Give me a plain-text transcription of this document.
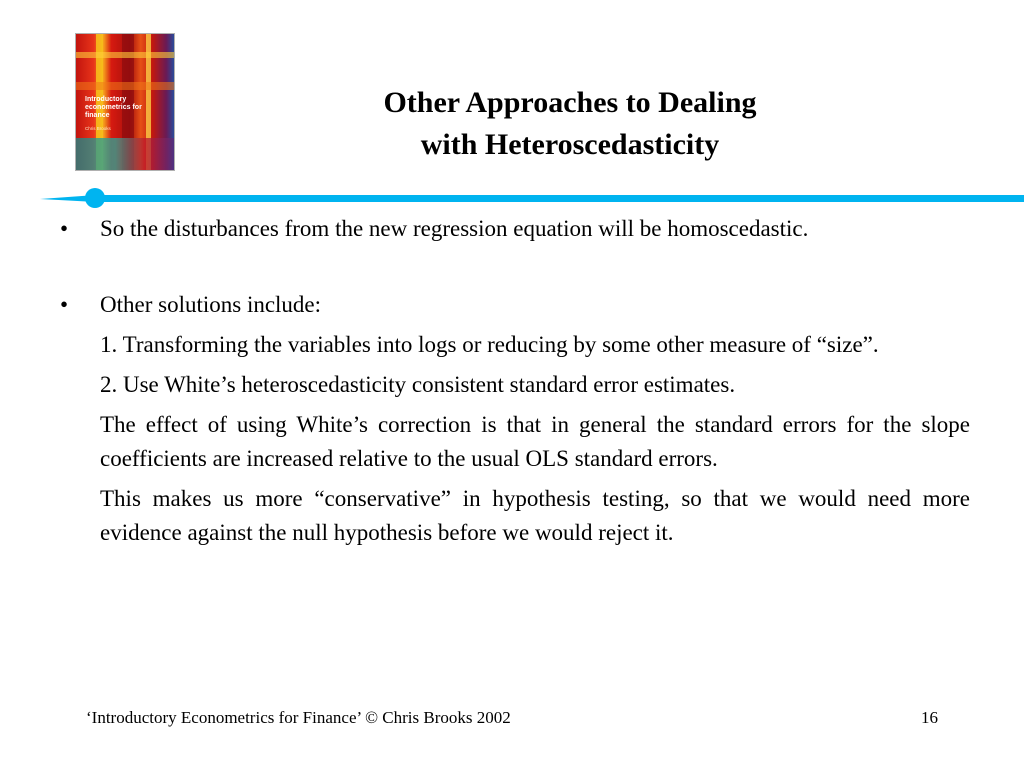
Introductory econometrics for finance
Chris Brooks
Other Approaches to Dealing
with Heteroscedasticity
•	So the disturbances from the new regression equation will be homoscedastic.
•	Other solutions include:
1. Transforming the variables into logs or reducing by some other measure of “size”.
2. Use White’s heteroscedasticity consistent standard error estimates.
The effect of using White’s correction is that in general the standard errors for the slope coefficients are increased relative to the usual OLS standard errors.
This makes us more “conservative” in hypothesis testing, so that we would need more evidence against the null hypothesis before we would reject it.
‘Introductory Econometrics for Finance’ © Chris Brooks 2002	16
